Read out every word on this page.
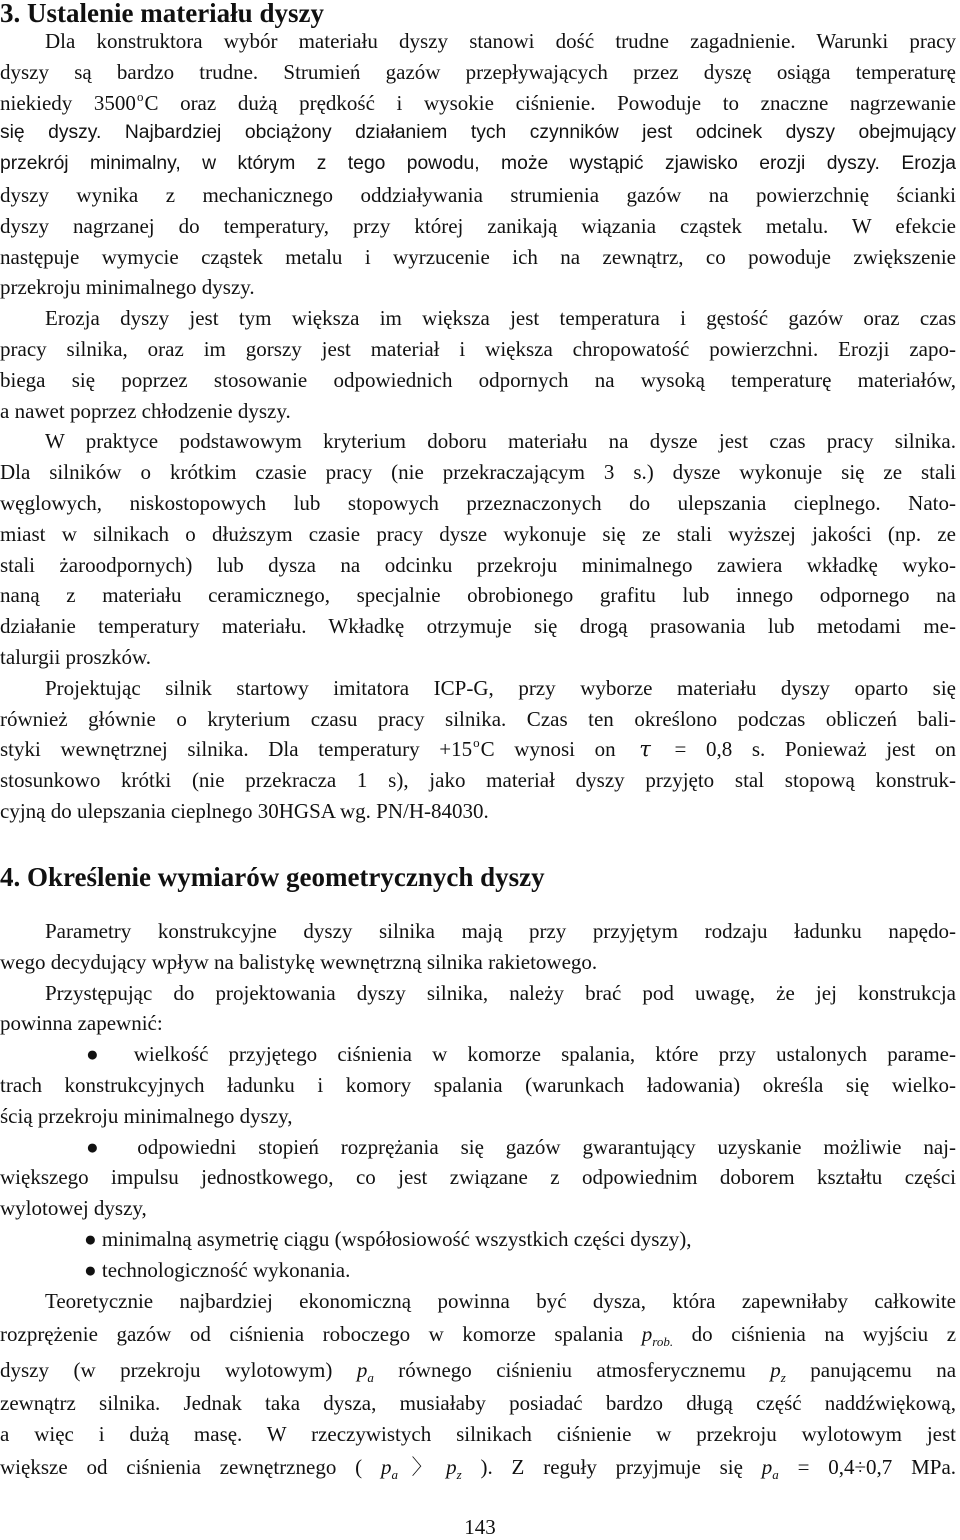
3. Ustalenie materiału dyszy
Dla konstruktora wybór materiału dyszy stanowi dość trudne zagadnienie. Warunki pracy
dyszy są bardzo trudne. Strumień gazów przepływających przez dyszę osiąga temperaturę
niekiedy 3500$^o$C oraz dużą prędkość i wysokie ciśnienie. Powoduje to znaczne nagrzewanie
się dyszy. Najbardziej obciążony działaniem tych czynników jest odcinek dyszy obejmujący
przekrój minimalny, w którym z tego powodu, może wystąpić zjawisko erozji dyszy. Erozja
dyszy wynika z mechanicznego oddziaływania strumienia gazów na powierzchnię ścianki
dyszy nagrzanej do temperatury, przy której zanikają wiązania cząstek metalu. W efekcie
następuje wymycie cząstek metalu i wyrzucenie ich na zewnątrz, co powoduje zwiększenie
przekroju minimalnego dyszy.
Erozja dyszy jest tym większa im większa jest temperatura i gęstość gazów oraz czas
pracy silnika, oraz im gorszy jest materiał i większa chropowatość powierzchni. Erozji zapo-
biega się poprzez stosowanie odpowiednich odpornych na wysoką temperaturę materiałów,
a nawet poprzez chłodzenie dyszy.
W praktyce podstawowym kryterium doboru materiału na dysze jest czas pracy silnika.
Dla silników o krótkim czasie pracy (nie przekraczającym 3 s.) dysze wykonuje się ze stali
węglowych, niskostopowych lub stopowych przeznaczonych do ulepszania cieplnego. Nato-
miast w silnikach o dłuższym czasie pracy dysze wykonuje się ze stali wyższej jakości (np. ze
stali żaroodpornych) lub dysza na odcinku przekroju minimalnego zawiera wkładkę wyko-
naną z materiału ceramicznego, specjalnie obrobionego grafitu lub innego odpornego na
działanie temperatury materiału. Wkładkę otrzymuje się drogą prasowania lub metodami me-
talurgii proszków.
Projektując silnik startowy imitatora ICP-G, przy wyborze materiału dyszy oparto się
również głównie o kryterium czasu pracy silnika. Czas ten określono podczas obliczeń bali-
styki wewnętrznej silnika. Dla temperatury $+15^oC$ wynosi on τ = 0,8 s. Ponieważ jest on
stosunkowo krótki (nie przekracza 1 s), jako materiał dyszy przyjęto stal stopową konstruk-
cyjną do ulepszania cieplnego 30HGSA wg. PN/H-84030.
4. Określenie wymiarów geometrycznych dyszy
Parametry konstrukcyjne dyszy silnika mają przy przyjętym rodzaju ładunku napędo-
wego decydujący wpływ na balistykę wewnętrzną silnika rakietowego.
Przystępując do projektowania dyszy silnika, należy brać pod uwagę, że jej konstrukcja
powinna zapewnić:
● wielkość przyjętego ciśnienia w komorze spalania, które przy ustalonych parame-
trach konstrukcyjnych ładunku i komory spalania (warunkach ładowania) określa się wielko-
ścią przekroju minimalnego dyszy,
● odpowiedni stopień rozprężania się gazów gwarantujący uzyskanie możliwie naj-
większego impulsu jednostkowego, co jest związane z odpowiednim doborem kształtu części
wylotowej dyszy,
● minimalną asymetrię ciągu (współosiowość wszystkich części dyszy),
● technologiczność wykonania.
Teoretycznie najbardziej ekonomiczną powinna być dysza, która zapewniłaby całkowite
rozprężenie gazów od ciśnienia roboczego w komorze spalania $p_{rob.}$ do ciśnienia na wyjściu z
dyszy (w przekroju wylotowym) $p_a$ równego ciśnieniu atmosferycznemu $p_z$ panującemu na
zewnątrz silnika. Jednak taka dysza, musiałaby posiadać bardzo długą część naddźwiękową,
a więc i dużą masę. W rzeczywistych silnikach ciśnienie w przekroju wylotowym jest
większe od ciśnienia zewnętrznego ( $p_a$〉$p_z$ ). Z reguły przyjmuje się $p_a = 0,4\div 0,7$ MPa.
143
